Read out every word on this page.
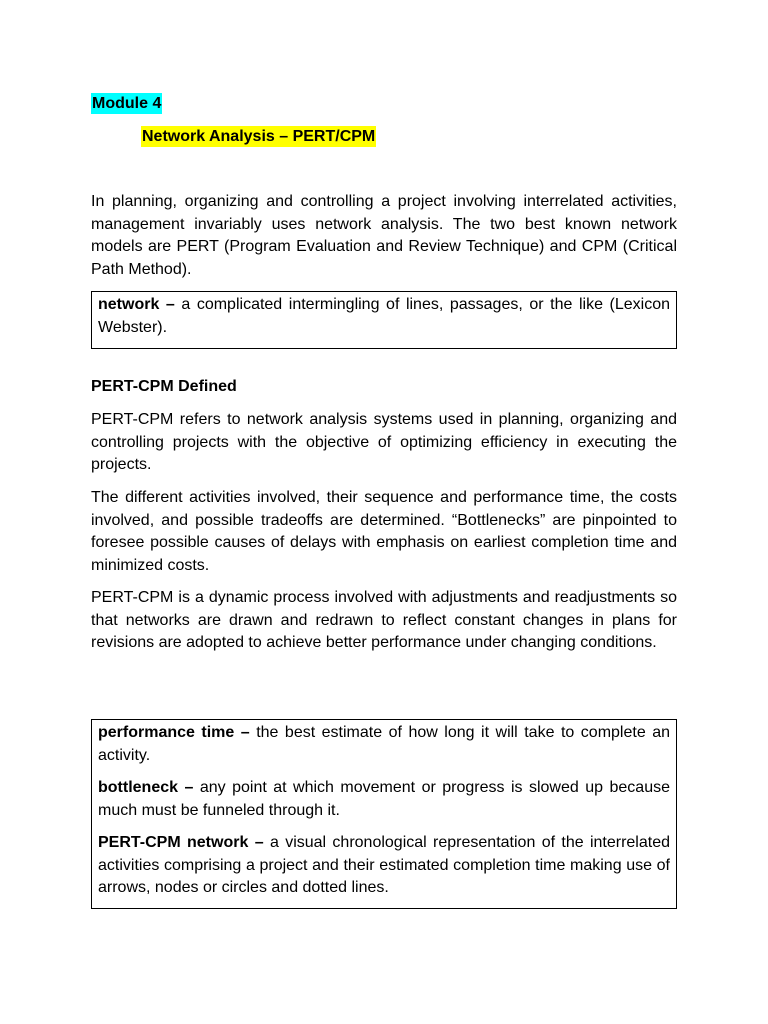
Module 4
Network Analysis – PERT/CPM

In planning, organizing and controlling a project involving interrelated activities, management invariably uses network analysis. The two best known network models are PERT (Program Evaluation and Review Technique) and CPM (Critical Path Method).

network – a complicated intermingling of lines, passages, or the like (Lexicon Webster).

PERT-CPM Defined

PERT-CPM refers to network analysis systems used in planning, organizing and controlling projects with the objective of optimizing efficiency in executing the projects.

The different activities involved, their sequence and performance time, the costs involved, and possible tradeoffs are determined. “Bottlenecks” are pinpointed to foresee possible causes of delays with emphasis on earliest completion time and minimized costs.

PERT-CPM is a dynamic process involved with adjustments and readjustments so that networks are drawn and redrawn to reflect constant changes in plans for revisions are adopted to achieve better performance under changing conditions.

performance time – the best estimate of how long it will take to complete an activity.

bottleneck – any point at which movement or progress is slowed up because much must be funneled through it.

PERT-CPM network – a visual chronological representation of the interrelated activities comprising a project and their estimated completion time making use of arrows, nodes or circles and dotted lines.
